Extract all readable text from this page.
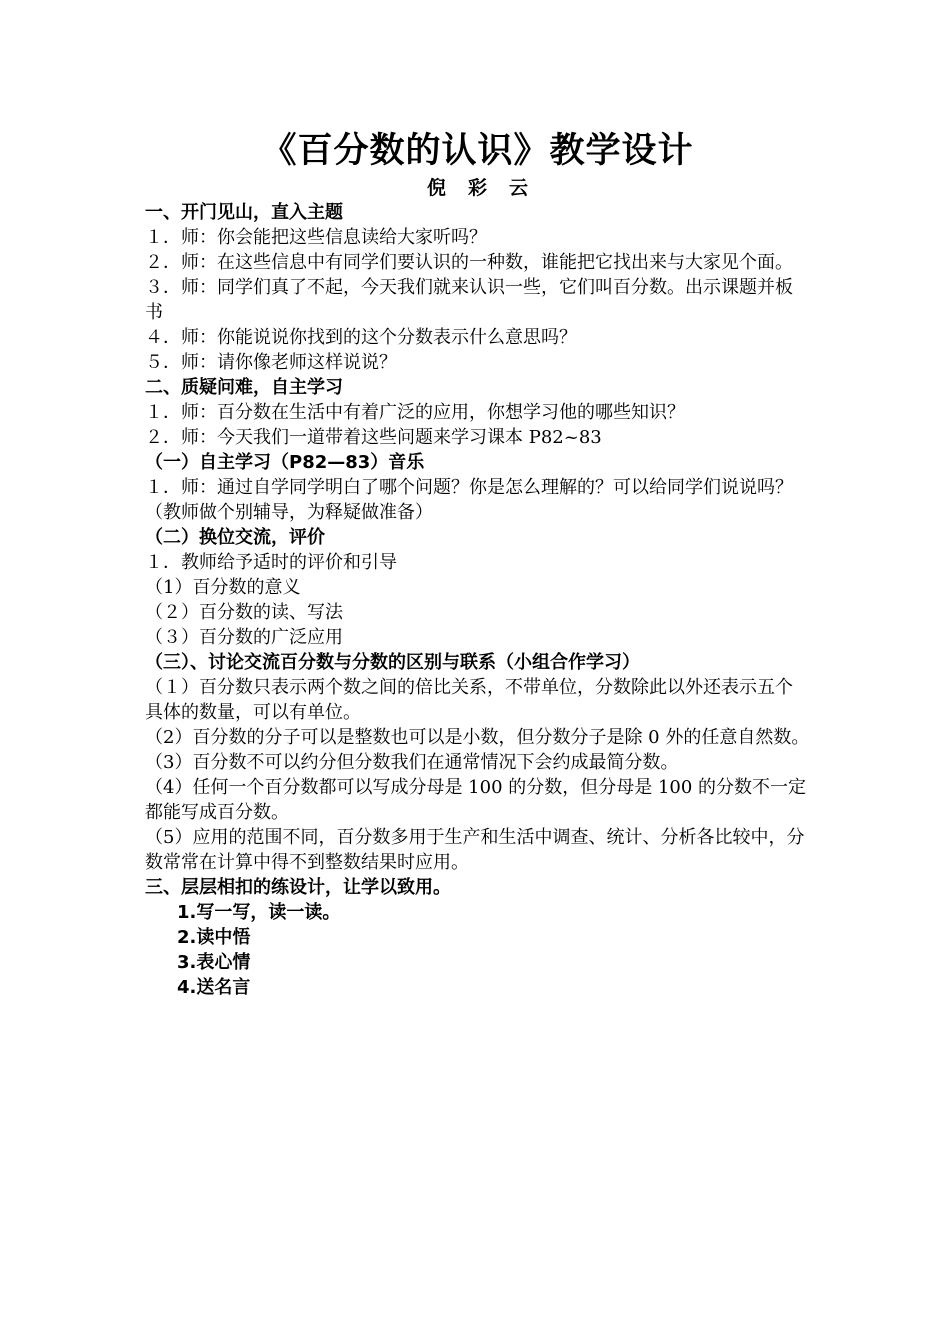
《百分数的认识》教学设计
倪彩云
一、开门见山，直入主题
１．师：你会能把这些信息读给大家听吗？
２．师：在这些信息中有同学们要认识的一种数，谁能把它找出来与大家见个面。
３．师：同学们真了不起，今天我们就来认识一些，它们叫百分数。出示课题并板书
４．师：你能说说你找到的这个分数表示什么意思吗？
５．师：请你像老师这样说说？
二、质疑问难，自主学习
１．师：百分数在生活中有着广泛的应用，你想学习他的哪些知识？
２．师：今天我们一道带着这些问题来学习课本 P82~83
（一）自主学习（P82—83）音乐
１．师：通过自学同学明白了哪个问题？你是怎么理解的？可以给同学们说说吗？
（教师做个别辅导，为释疑做准备）
（二）换位交流，评价
１．教师给予适时的评价和引导
（1）百分数的意义
（２）百分数的读、写法
（３）百分数的广泛应用
（三）、讨论交流百分数与分数的区别与联系（小组合作学习）
（１）百分数只表示两个数之间的倍比关系，不带单位，分数除此以外还表示五个具体的数量，可以有单位。
（2）百分数的分子可以是整数也可以是小数，但分数分子是除 0 外的任意自然数。
（3）百分数不可以约分但分数我们在通常情况下会约成最简分数。
（4）任何一个百分数都可以写成分母是 100 的分数，但分母是 100 的分数不一定都能写成百分数。
（5）应用的范围不同，百分数多用于生产和生活中调查、统计、分析各比较中，分数常常在计算中得不到整数结果时应用。
三、层层相扣的练设计，让学以致用。
1.写一写，读一读。
2.读中悟
3.表心情
4.送名言
